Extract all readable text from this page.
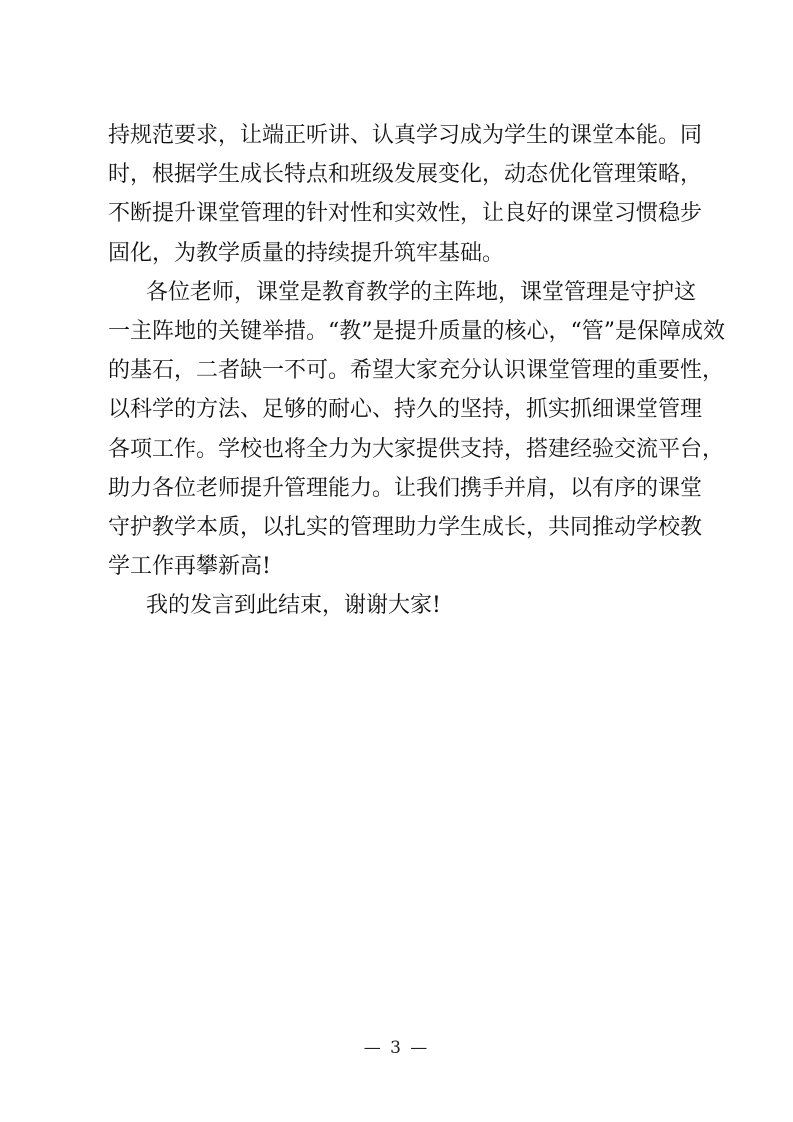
持规范要求，让端正听讲、认真学习成为学生的课堂本能。同
时，根据学生成长特点和班级发展变化，动态优化管理策略，
不断提升课堂管理的针对性和实效性，让良好的课堂习惯稳步
固化，为教学质量的持续提升筑牢基础。
各位老师，课堂是教育教学的主阵地，课堂管理是守护这
一主阵地的关键举措。“教”是提升质量的核心，“管”是保障成效
的基石，二者缺一不可。希望大家充分认识课堂管理的重要性，
以科学的方法、足够的耐心、持久的坚持，抓实抓细课堂管理
各项工作。学校也将全力为大家提供支持，搭建经验交流平台，
助力各位老师提升管理能力。让我们携手并肩，以有序的课堂
守护教学本质，以扎实的管理助力学生成长，共同推动学校教
学工作再攀新高!
我的发言到此结束，谢谢大家!
— 3 —
